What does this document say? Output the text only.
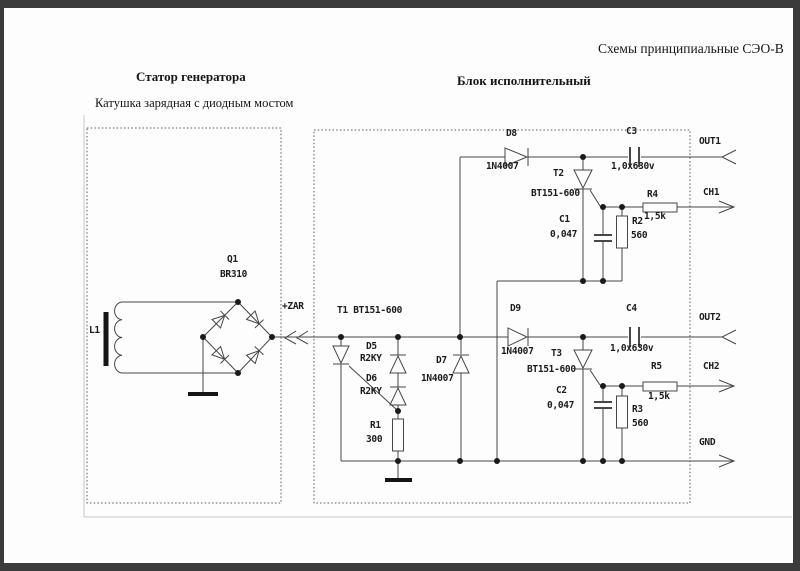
Схемы принципиальные СЭО-В
Статор генератора
Катушка зарядная с диодным мостом
Блок исполнительный
L1
Q1
BR310
+ZAR	T1 BT151-600
D5
R2KY
D6
R2KY
D7
1N4007
R1
300
D8
1N4007
T2
BT151-600
C3
1,0x630v
R4
1,5k
C1
0,047
R2
560
D9
1N4007 T3
BT151-600
C4
1,0x630v
R5
1,5k
C2
0,047	R3
560
OUT1
CH1
OUT2
CH2
GND
